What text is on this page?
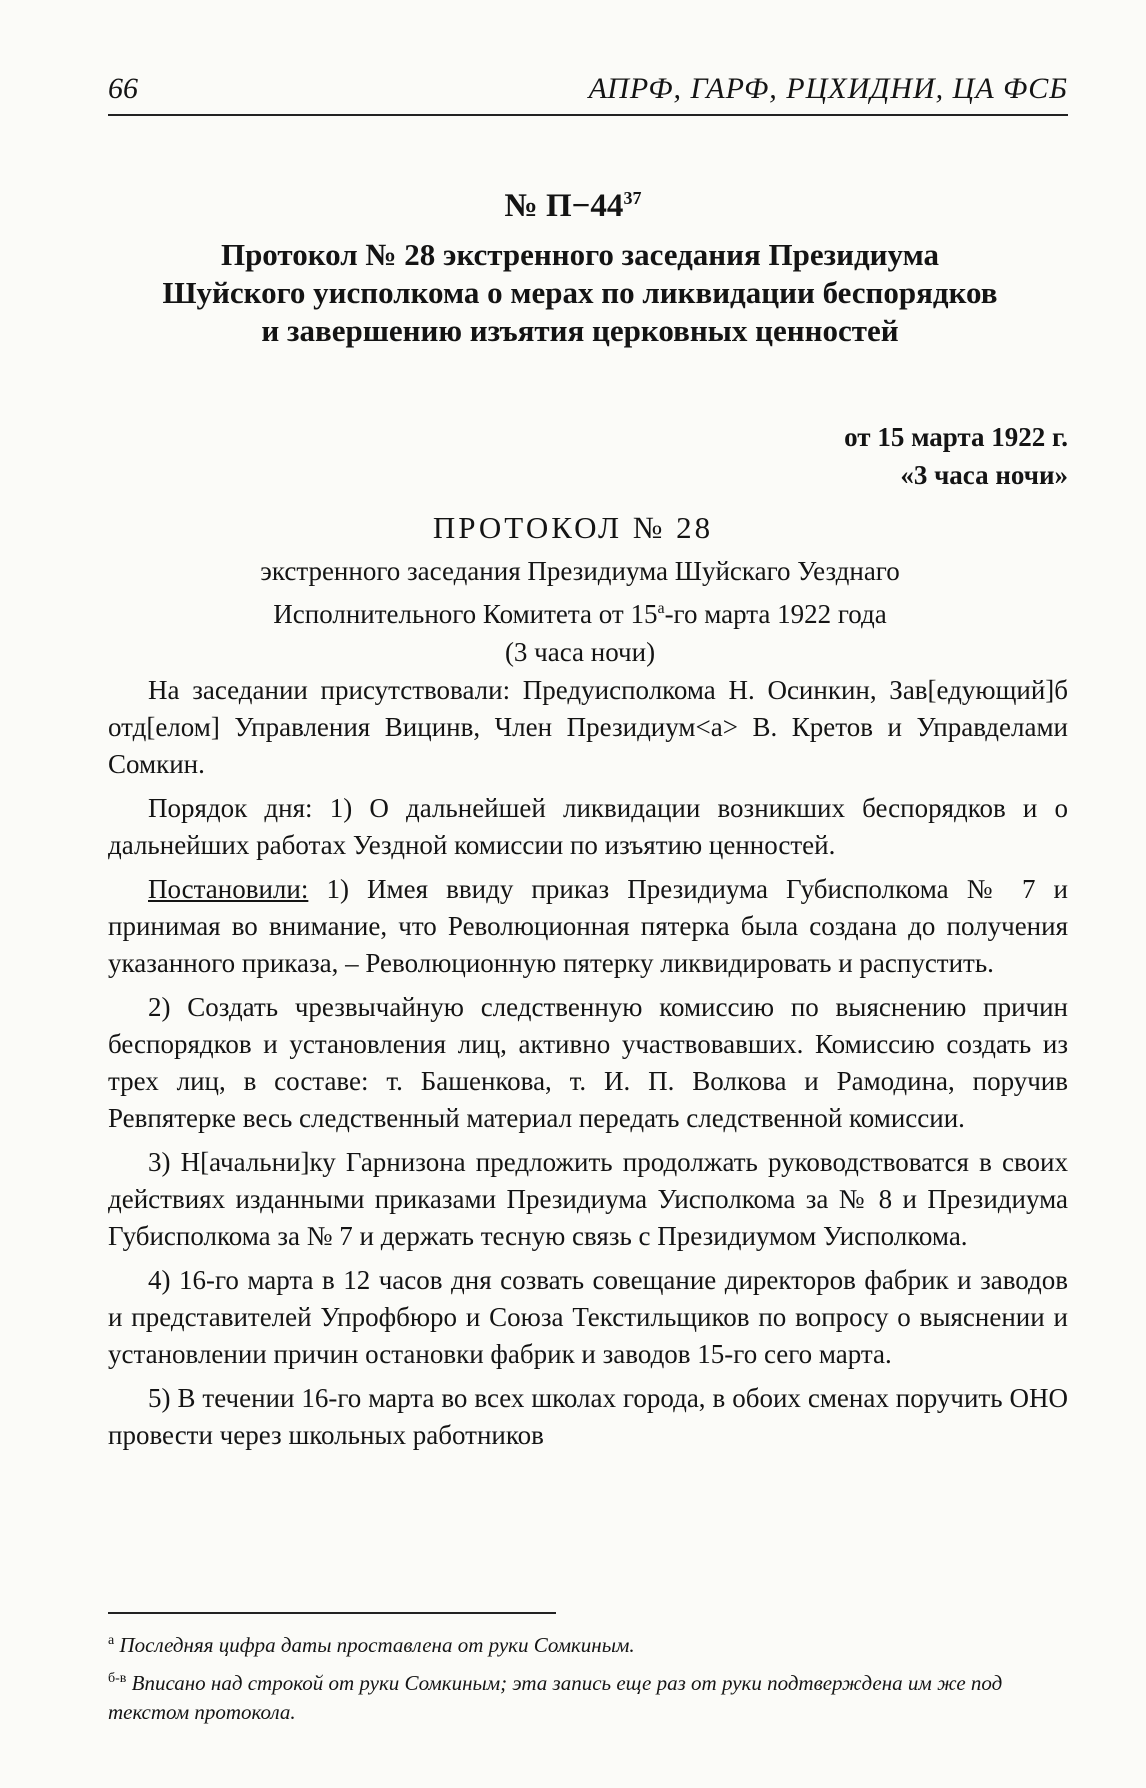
66	АПРФ, ГАРФ, РЦХИДНИ, ЦА ФСБ
№ $П-44^{37}$
Протокол № 28 экстренного заседания Президиума Шуйского уисполкома о мерах по ликвидации беспорядков и завершению изъятия церковных ценностей
от 15 марта 1922 г.
«3 часа ночи»
ПРОТОКОЛ № 28
экстренного заседания Президиума Шуйскаго Уезднаго
Исполнительного Комитета от $15^а-го$ марта 1922 года
(3 часа ночи)

На заседании присутствовали: Предуисполкома Н. Осинкин, Зав[едующий]б отд[елом] Управления Вицинв, Член Президиум<а> В. Кретов и Управделами Сомкин.

Порядок дня: 1) О дальнейшей ликвидации возникших беспорядков и о дальнейших работах Уездной комиссии по изъятию ценностей.

Постановили: 1) Имея ввиду приказ Президиума Губисполкома № 7 и принимая во внимание, что Революционная пятерка была создана до получения указанного приказа, – Революционную пятерку ликвидировать и распустить.

2) Создать чрезвычайную следственную комиссию по выяснению причин беспорядков и установления лиц, активно участвовавших. Комиссию создать из трех лиц, в составе: т. Башенкова, т. И. П. Волкова и Рамодина, поручив Ревпятерке весь следственный материал передать следственной комиссии.

3) Н[ачальни]ку Гарнизона предложить продолжать руководствоватся в своих действиях изданными приказами Президиума Уисполкома за № 8 и Президиума Губисполкома за № 7 и держать тесную связь с Президиумом Уисполкома.

4) 16-го марта в 12 часов дня созвать совещание директоров фабрик и заводов и представителей Упрофбюро и Союза Текстильщиков по вопросу о выяснении и установлении причин остановки фабрик и заводов 15-го сего марта.

5) В течении 16-го марта во всех школах города, в обоих сменах поручить ОНО провести через школьных работников

$^а$ Последняя цифра даты проставлена от руки Сомкиным.
$^{б-в}$ Вписано над строкой от руки Сомкиным; эта запись еще раз от руки подтверждена им же под текстом протокола.
